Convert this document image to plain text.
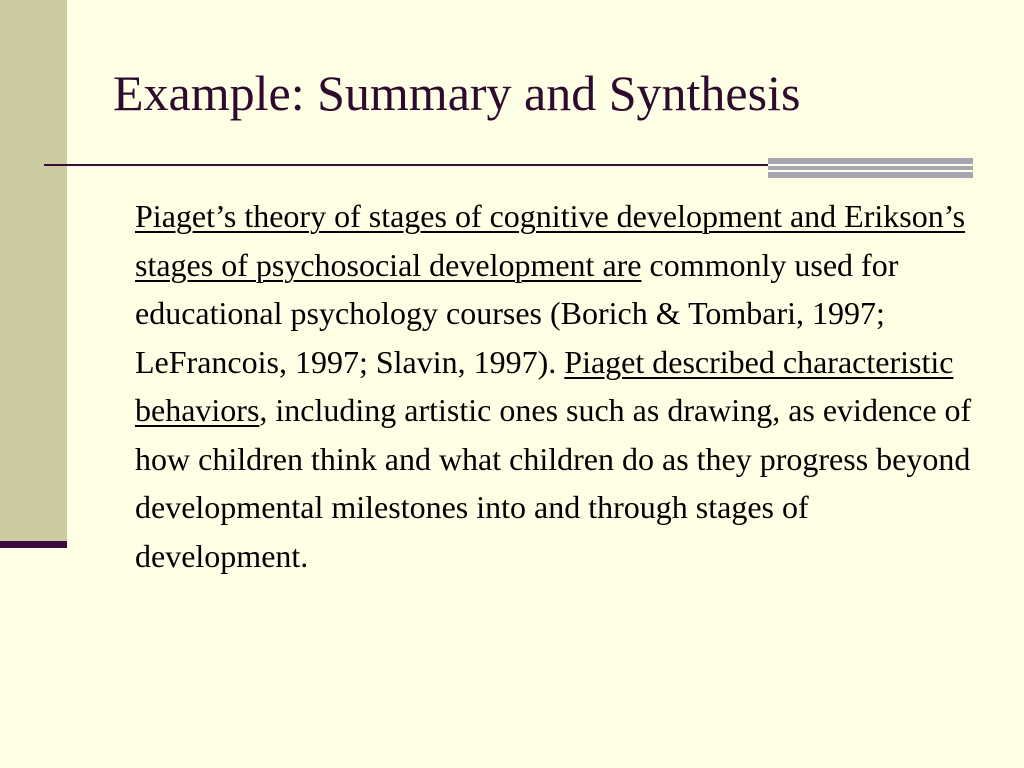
Example: Summary and Synthesis

Piaget’s theory of stages of cognitive development and Erikson’s stages of psychosocial development are commonly used for educational psychology courses (Borich & Tombari, 1997; LeFrancois, 1997; Slavin, 1997). Piaget described characteristic behaviors, including artistic ones such as drawing, as evidence of how children think and what children do as they progress beyond developmental milestones into and through stages of development.
